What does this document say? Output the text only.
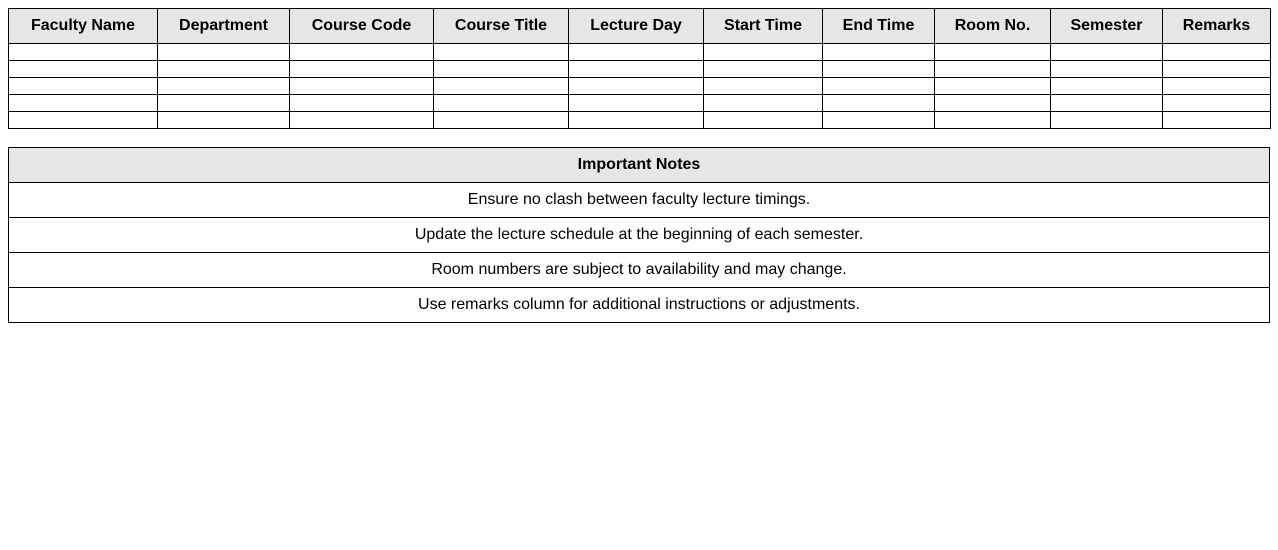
Faculty Name	Department	Course Code	Course Title	Lecture Day	Start Time	End Time	Room No.	Semester	Remarks

Important Notes
Ensure no clash between faculty lecture timings.
Update the lecture schedule at the beginning of each semester.
Room numbers are subject to availability and may change.
Use remarks column for additional instructions or adjustments.
